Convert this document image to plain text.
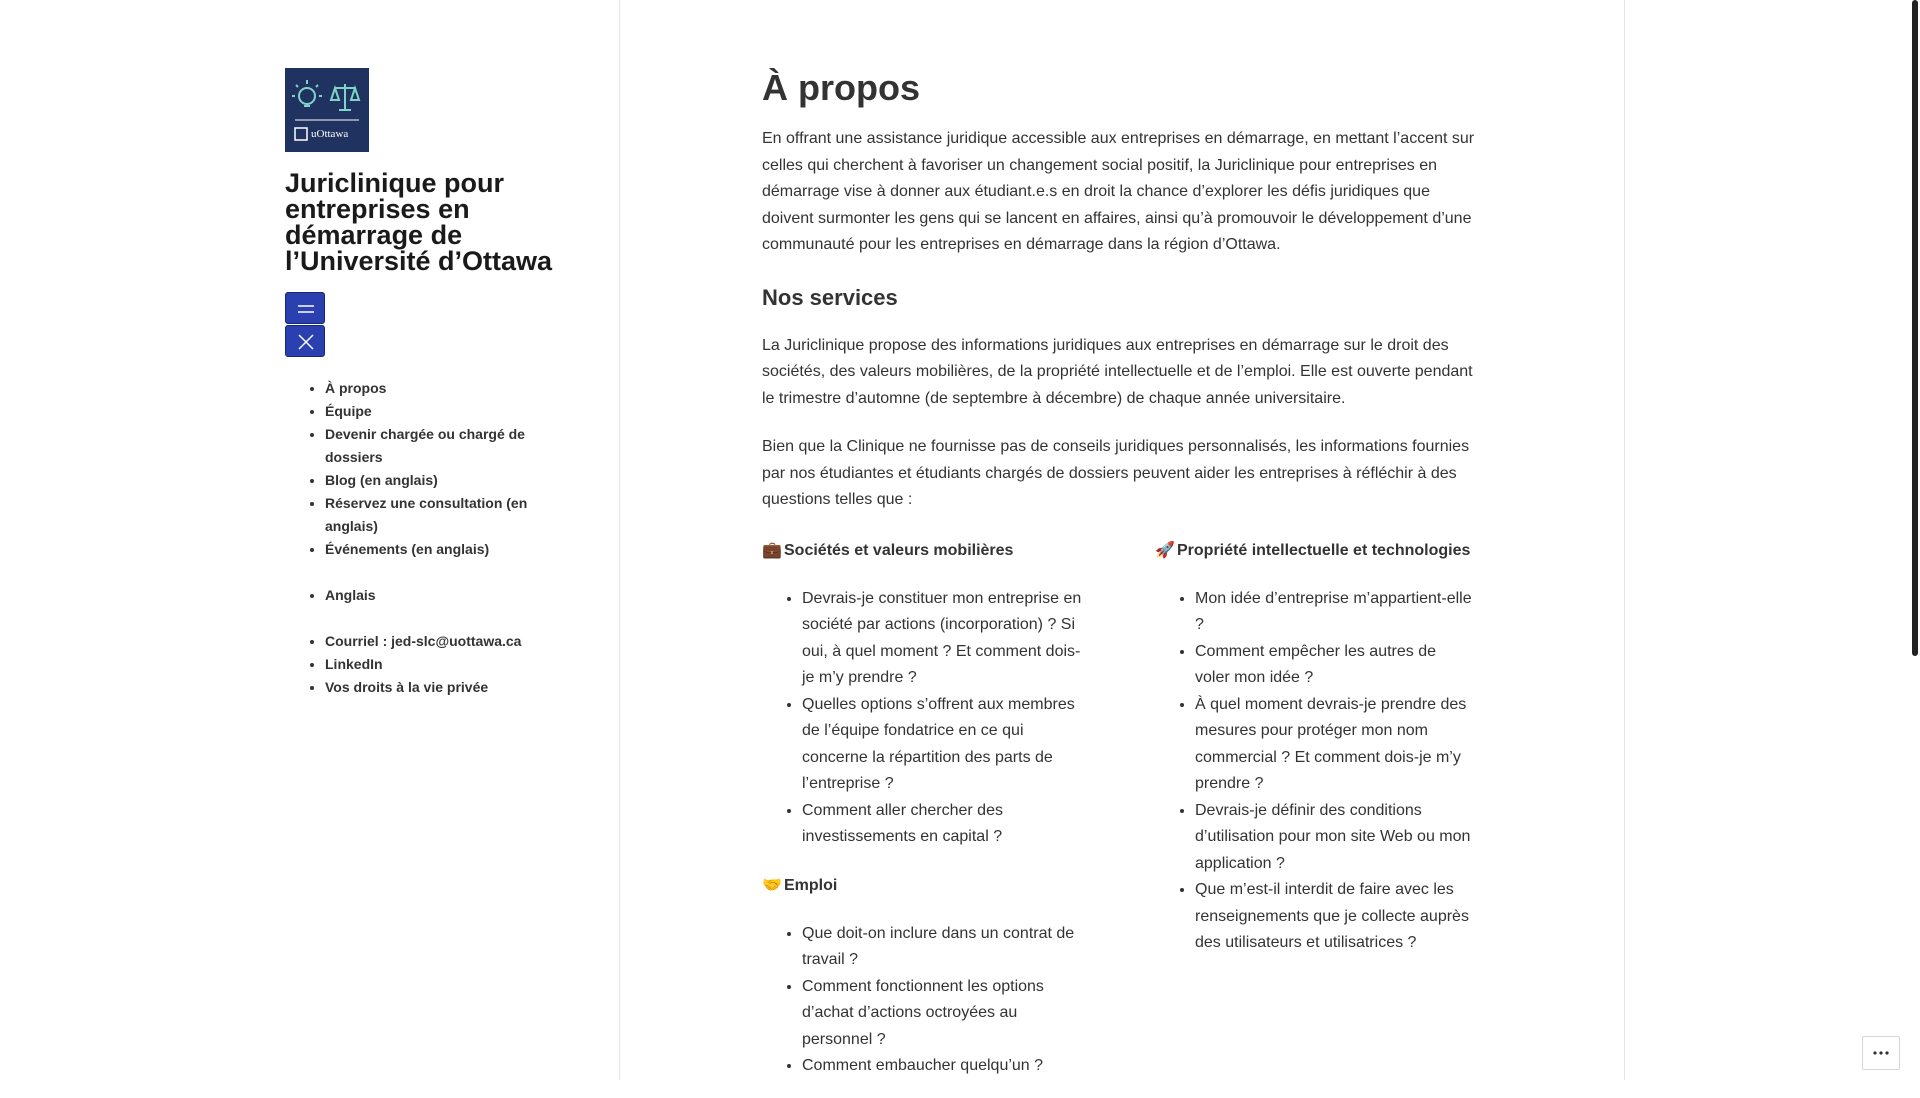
uOttawa
Juriclinique pour entreprises en démarrage de l’Université d’Ottawa
• À propos
• Équipe
• Devenir chargée ou chargé de dossiers
• Blog (en anglais)
• Réservez une consultation (en anglais)
• Événements (en anglais)
• Anglais
• Courriel : jed-slc@uottawa.ca
• LinkedIn
• Vos droits à la vie privée
À propos

En offrant une assistance juridique accessible aux entreprises en démarrage, en mettant l’accent sur celles qui cherchent à favoriser un changement social positif, la Juriclinique pour entreprises en démarrage vise à donner aux étudiant.e.s en droit la chance d’explorer les défis juridiques que doivent surmonter les gens qui se lancent en affaires, ainsi qu’à promouvoir le développement d’une communauté pour les entreprises en démarrage dans la région d’Ottawa.

Nos services

La Juriclinique propose des informations juridiques aux entreprises en démarrage sur le droit des sociétés, des valeurs mobilières, de la propriété intellectuelle et de l’emploi. Elle est ouverte pendant le trimestre d’automne (de septembre à décembre) de chaque année universitaire.

Bien que la Clinique ne fournisse pas de conseils juridiques personnalisés, les informations fournies par nos étudiantes et étudiants chargés de dossiers peuvent aider les entreprises à réfléchir à des questions telles que :

💼 Sociétés et valeurs mobilières
• Devrais-je constituer mon entreprise en société par actions (incorporation) ? Si oui, à quel moment ? Et comment dois-je m’y prendre ?
• Quelles options s’offrent aux membres de l’équipe fondatrice en ce qui concerne la répartition des parts de l’entreprise ?
• Comment aller chercher des investissements en capital ?
🤝 Emploi
• Que doit-on inclure dans un contrat de travail ?
• Comment fonctionnent les options d’achat d’actions octroyées au personnel ?
• Comment embaucher quelqu’un ?
🚀 Propriété intellectuelle et technologies
• Mon idée d’entreprise m’appartient-elle ?
• Comment empêcher les autres de voler mon idée ?
• À quel moment devrais-je prendre des mesures pour protéger mon nom commercial ? Et comment dois-je m’y prendre ?
• Devrais-je définir des conditions d’utilisation pour mon site Web ou mon application ?
• Que m’est-il interdit de faire avec les renseignements que je collecte auprès des utilisateurs et utilisatrices ?
